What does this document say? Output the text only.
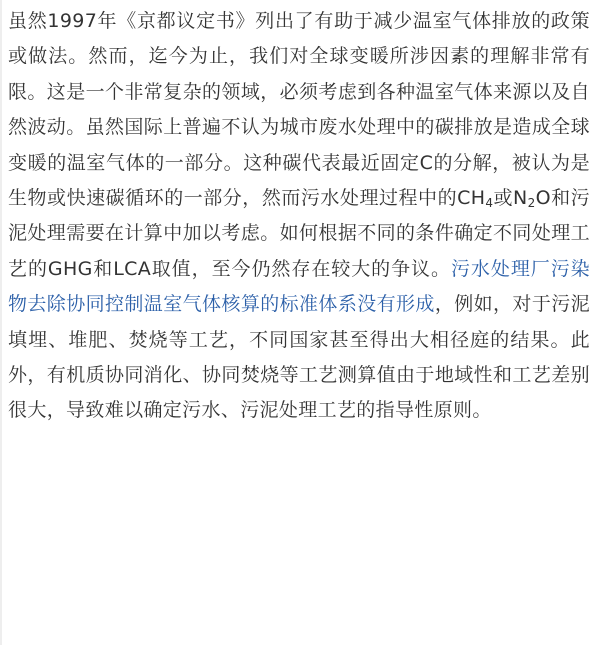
虽然1997年《京都议定书》列出了有助于减少温室气体排放的政策或做法。然而，迄今为止，我们对全球变暖所涉因素的理解非常有限。这是一个非常复杂的领域，必须考虑到各种温室气体来源以及自然波动。虽然国际上普遍不认为城市废水处理中的碳排放是造成全球变暖的温室气体的一部分。这种碳代表最近固定C的分解，被认为是生物或快速碳循环的一部分，然而污水处理过程中的$CH_4$或$N_2O$和污泥处理需要在计算中加以考虑。如何根据不同的条件确定不同处理工艺的GHG和LCA取值，至今仍然存在较大的争议。污水处理厂污染物去除协同控制温室气体核算的标准体系没有形成，例如，对于污泥填埋、堆肥、焚烧等工艺，不同国家甚至得出大相径庭的结果。此外，有机质协同消化、协同焚烧等工艺测算值由于地域性和工艺差别很大，导致难以确定污水、污泥处理工艺的指导性原则。
